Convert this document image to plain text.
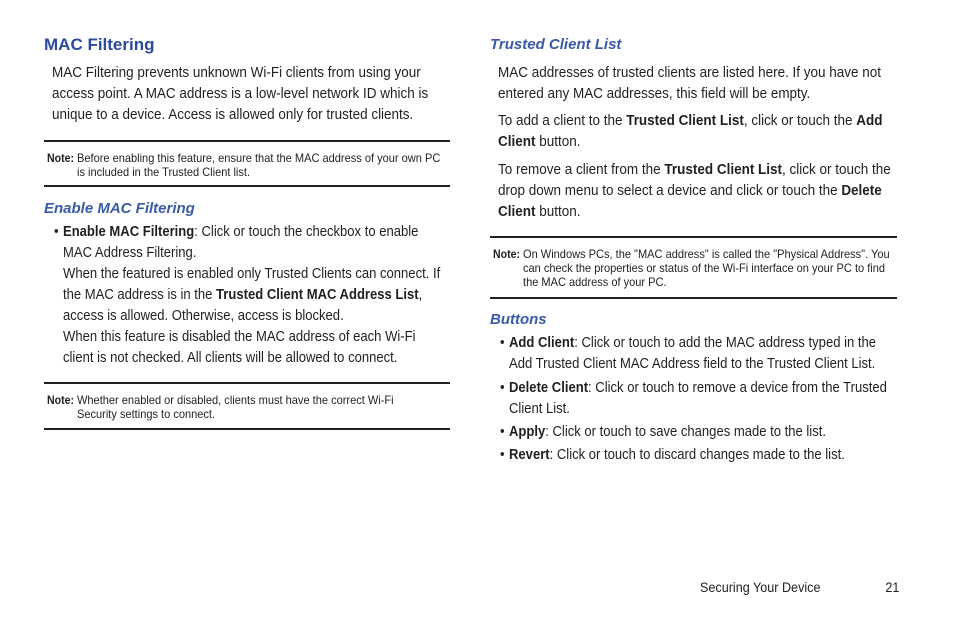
MAC Filtering

MAC Filtering prevents unknown Wi-Fi clients from using your access point. A MAC address is a low-level network ID which is unique to a device. Access is allowed only for trusted clients.

Note: Before enabling this feature, ensure that the MAC address of your own PC is included in the Trusted Client list.
Enable MAC Filtering
• Enable MAC Filtering: Click or touch the checkbox to enable MAC Address Filtering.
When the featured is enabled only Trusted Clients can connect. If the MAC address is in the Trusted Client MAC Address List, access is allowed. Otherwise, access is blocked.
When this feature is disabled the MAC address of each Wi-Fi client is not checked. All clients will be allowed to connect.
Note: Whether enabled or disabled, clients must have the correct Wi-Fi Security settings to connect.
Trusted Client List

MAC addresses of trusted clients are listed here. If you have not entered any MAC addresses, this field will be empty.

To add a client to the Trusted Client List, click or touch the Add Client button.

To remove a client from the Trusted Client List, click or touch the drop down menu to select a device and click or touch the Delete Client button.

Note: On Windows PCs, the "MAC address" is called the "Physical Address". You can check the properties or status of the Wi-Fi interface on your PC to find the MAC address of your PC.
Buttons
• Add Client: Click or touch to add the MAC address typed in the Add Trusted Client MAC Address field to the Trusted Client List.
• Delete Client: Click or touch to remove a device from the Trusted Client List.
• Apply: Click or touch to save changes made to the list.
• Revert: Click or touch to discard changes made to the list.
Securing Your Device	21
